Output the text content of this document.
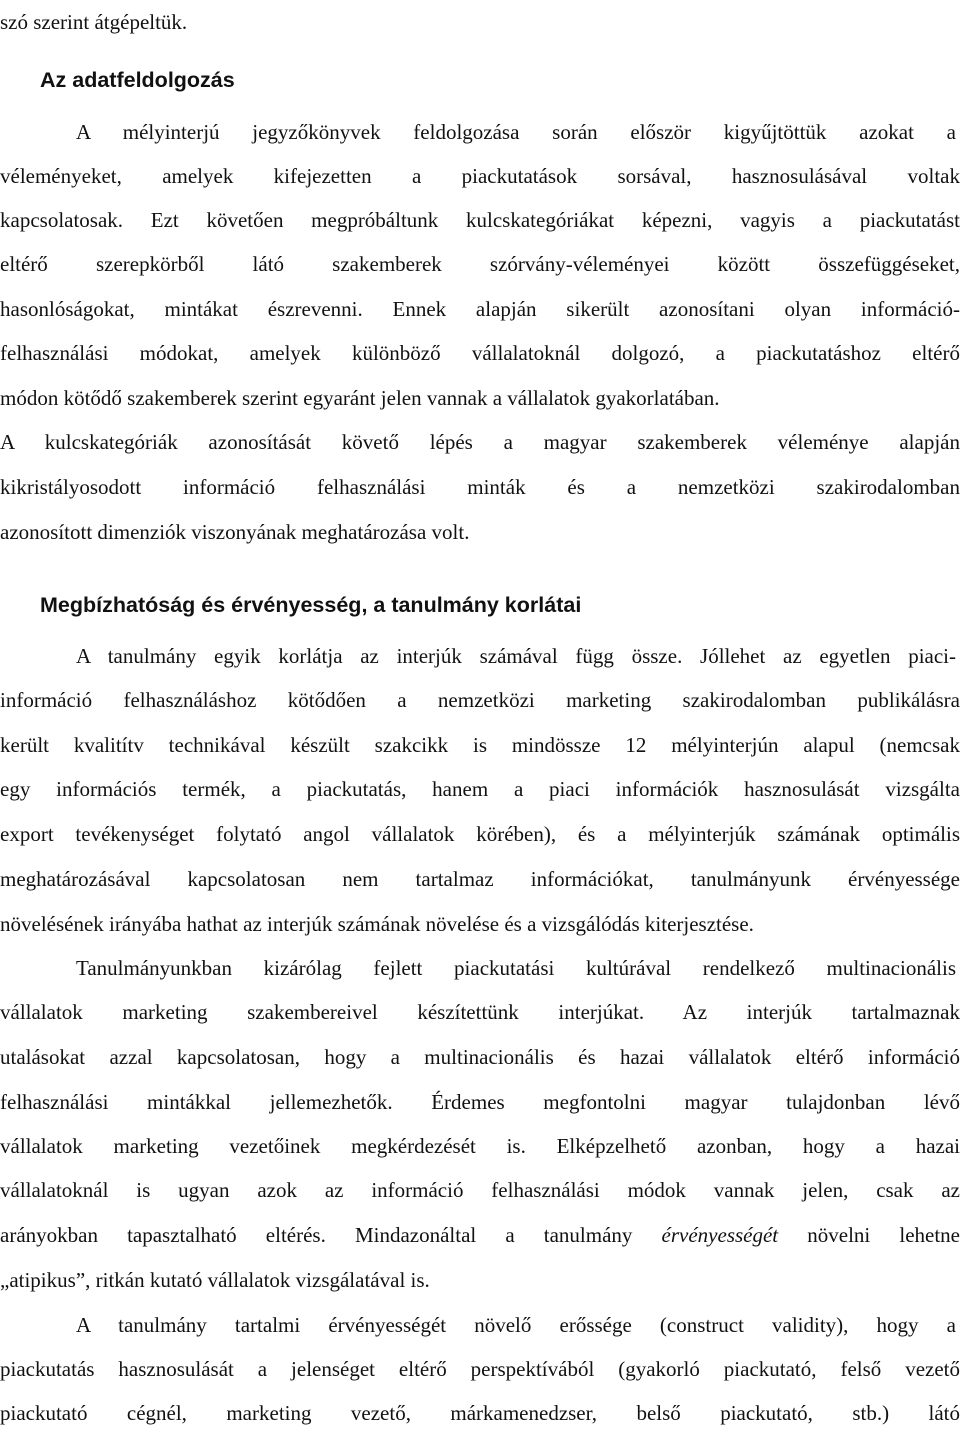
szó szerint átgépeltük.

Az adatfeldolgozás

A mélyinterjú jegyzőkönyvek feldolgozása során először kigyűjtöttük azokat a

véleményeket, amelyek kifejezetten a piackutatások sorsával, hasznosulásával voltak

kapcsolatosak. Ezt követően megpróbáltunk kulcskategóriákat képezni, vagyis a piackutatást

eltérő szerepkörből látó szakemberek szórvány-véleményei között összefüggéseket,

hasonlóságokat, mintákat észrevenni. Ennek alapján sikerült azonosítani olyan információ-

felhasználási módokat, amelyek különböző vállalatoknál dolgozó, a piackutatáshoz eltérő

módon kötődő szakemberek szerint egyaránt jelen vannak a vállalatok gyakorlatában.

A kulcskategóriák azonosítását követő lépés a magyar szakemberek véleménye alapján

kikristályosodott információ felhasználási minták és a nemzetközi szakirodalomban

azonosított dimenziók viszonyának meghatározása volt.

Megbízhatóság és érvényesség, a tanulmány korlátai

A tanulmány egyik korlátja az interjúk számával függ össze. Jóllehet az egyetlen piaci-

információ felhasználáshoz kötődően a nemzetközi marketing szakirodalomban publikálásra

került kvalitítv technikával készült szakcikk is mindössze 12 mélyinterjún alapul (nemcsak

egy információs termék, a piackutatás, hanem a piaci információk hasznosulását vizsgálta

export tevékenységet folytató angol vállalatok körében), és a mélyinterjúk számának optimális

meghatározásával kapcsolatosan nem tartalmaz információkat, tanulmányunk érvényessége

növelésének irányába hathat az interjúk számának növelése és a vizsgálódás kiterjesztése.

Tanulmányunkban kizárólag fejlett piackutatási kultúrával rendelkező multinacionális

vállalatok marketing szakembereivel készítettünk interjúkat. Az interjúk tartalmaznak

utalásokat azzal kapcsolatosan, hogy a multinacionális és hazai vállalatok eltérő információ

felhasználási mintákkal jellemezhetők. Érdemes megfontolni magyar tulajdonban lévő

vállalatok marketing vezetőinek megkérdezését is. Elképzelhető azonban, hogy a hazai

vállalatoknál is ugyan azok az információ felhasználási módok vannak jelen, csak az

arányokban tapasztalható eltérés. Mindazonáltal a tanulmány érvényességét növelni lehetne

„atipikus”, ritkán kutató vállalatok vizsgálatával is.

A tanulmány tartalmi érvényességét növelő erőssége (construct validity), hogy a

piackutatás hasznosulását a jelenséget eltérő perspektívából (gyakorló piackutató, felső vezető

piackutató cégnél, marketing vezető, márkamenedzser, belső piackutató, stb.) látó
